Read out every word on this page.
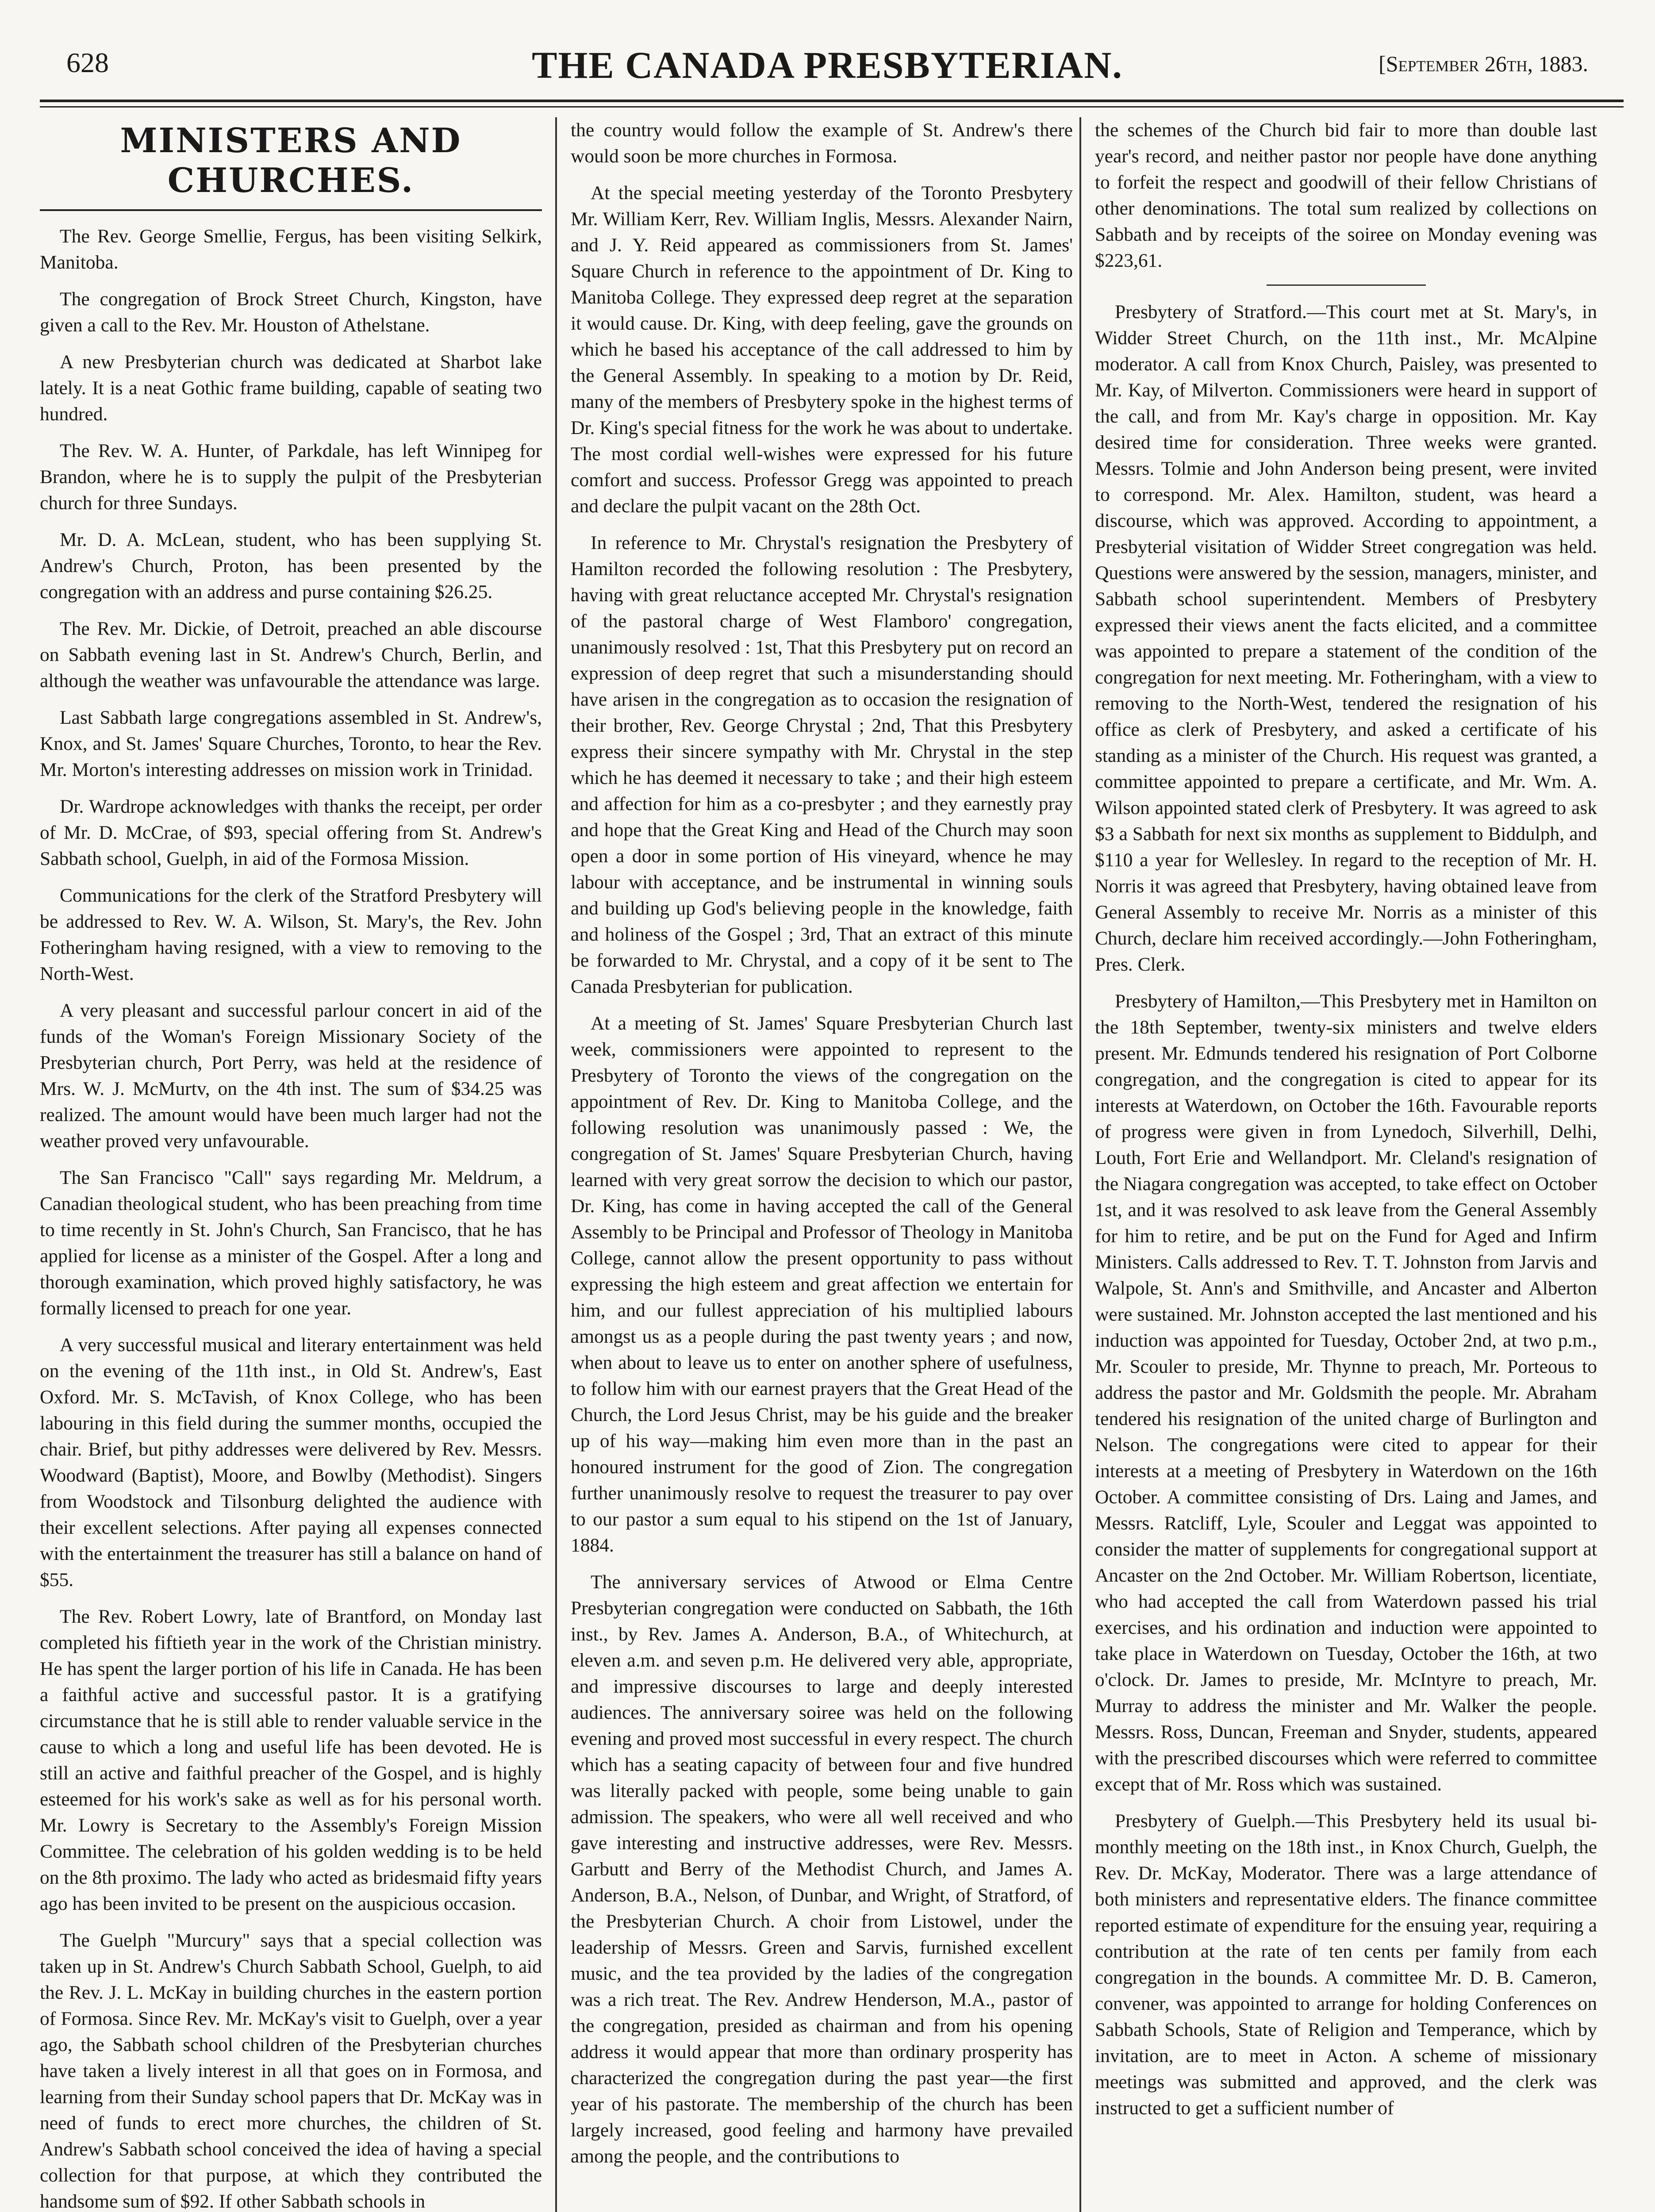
628	THE CANADA PRESBYTERIAN.	[September 26th, 1883.
MINISTERS AND CHURCHES.

The Rev. George Smellie, Fergus, has been visiting Selkirk, Manitoba.

The congregation of Brock Street Church, Kingston, have given a call to the Rev. Mr. Houston of Athelstane.

A new Presbyterian church was dedicated at Sharbot lake lately. It is a neat Gothic frame building, capable of seating two hundred.

The Rev. W. A. Hunter, of Parkdale, has left Winnipeg for Brandon, where he is to supply the pulpit of the Presbyterian church for three Sundays.

Mr. D. A. McLean, student, who has been supplying St. Andrew's Church, Proton, has been presented by the congregation with an address and purse containing $26.25.

The Rev. Mr. Dickie, of Detroit, preached an able discourse on Sabbath evening last in St. Andrew's Church, Berlin, and although the weather was unfavourable the attendance was large.

Last Sabbath large congregations assembled in St. Andrew's, Knox, and St. James' Square Churches, Toronto, to hear the Rev. Mr. Morton's interesting addresses on mission work in Trinidad.

Dr. Wardrope acknowledges with thanks the receipt, per order of Mr. D. McCrae, of $93, special offering from St. Andrew's Sabbath school, Guelph, in aid of the Formosa Mission.

Communications for the clerk of the Stratford Presbytery will be addressed to Rev. W. A. Wilson, St. Mary's, the Rev. John Fotheringham having resigned, with a view to removing to the North-West.

A very pleasant and successful parlour concert in aid of the funds of the Woman's Foreign Missionary Society of the Presbyterian church, Port Perry, was held at the residence of Mrs. W. J. McMurtv, on the 4th inst. The sum of $34.25 was realized. The amount would have been much larger had not the weather proved very unfavourable.

The San Francisco "Call" says regarding Mr. Meldrum, a Canadian theological student, who has been preaching from time to time recently in St. John's Church, San Francisco, that he has applied for license as a minister of the Gospel. After a long and thorough examination, which proved highly satisfactory, he was formally licensed to preach for one year.

A very successful musical and literary entertainment was held on the evening of the 11th inst., in Old St. Andrew's, East Oxford. Mr. S. McTavish, of Knox College, who has been labouring in this field during the summer months, occupied the chair. Brief, but pithy addresses were delivered by Rev. Messrs. Woodward (Baptist), Moore, and Bowlby (Methodist). Singers from Woodstock and Tilsonburg delighted the audience with their excellent selections. After paying all expenses connected with the entertainment the treasurer has still a balance on hand of $55.

The Rev. Robert Lowry, late of Brantford, on Monday last completed his fiftieth year in the work of the Christian ministry. He has spent the larger portion of his life in Canada. He has been a faithful active and successful pastor. It is a gratifying circumstance that he is still able to render valuable service in the cause to which a long and useful life has been devoted. He is still an active and faithful preacher of the Gospel, and is highly esteemed for his work's sake as well as for his personal worth. Mr. Lowry is Secretary to the Assembly's Foreign Mission Committee. The celebration of his golden wedding is to be held on the 8th proximo. The lady who acted as bridesmaid fifty years ago has been invited to be present on the auspicious occasion.

The Guelph "Murcury" says that a special collection was taken up in St. Andrew's Church Sabbath School, Guelph, to aid the Rev. J. L. McKay in building churches in the eastern portion of Formosa. Since Rev. Mr. McKay's visit to Guelph, over a year ago, the Sabbath school children of the Presbyterian churches have taken a lively interest in all that goes on in Formosa, and learning from their Sunday school papers that Dr. McKay was in need of funds to erect more churches, the children of St. Andrew's Sabbath school conceived the idea of having a special collection for that purpose, at which they contributed the handsome sum of $92. If other Sabbath schools in

the country would follow the example of St. Andrew's there would soon be more churches in Formosa.

At the special meeting yesterday of the Toronto Presbytery Mr. William Kerr, Rev. William Inglis, Messrs. Alexander Nairn, and J. Y. Reid appeared as commissioners from St. James' Square Church in reference to the appointment of Dr. King to Manitoba College. They expressed deep regret at the separation it would cause. Dr. King, with deep feeling, gave the grounds on which he based his acceptance of the call addressed to him by the General Assembly. In speaking to a motion by Dr. Reid, many of the members of Presbytery spoke in the highest terms of Dr. King's special fitness for the work he was about to undertake. The most cordial well-wishes were expressed for his future comfort and success. Professor Gregg was appointed to preach and declare the pulpit vacant on the 28th Oct.

In reference to Mr. Chrystal's resignation the Presbytery of Hamilton recorded the following resolution : The Presbytery, having with great reluctance accepted Mr. Chrystal's resignation of the pastoral charge of West Flamboro' congregation, unanimously resolved : 1st, That this Presbytery put on record an expression of deep regret that such a misunderstanding should have arisen in the congregation as to occasion the resignation of their brother, Rev. George Chrystal ; 2nd, That this Presbytery express their sincere sympathy with Mr. Chrystal in the step which he has deemed it necessary to take ; and their high esteem and affection for him as a co-presbyter ; and they earnestly pray and hope that the Great King and Head of the Church may soon open a door in some portion of His vineyard, whence he may labour with acceptance, and be instrumental in winning souls and building up God's believing people in the knowledge, faith and holiness of the Gospel ; 3rd, That an extract of this minute be forwarded to Mr. Chrystal, and a copy of it be sent to The Canada Presbyterian for publication.

At a meeting of St. James' Square Presbyterian Church last week, commissioners were appointed to represent to the Presbytery of Toronto the views of the congregation on the appointment of Rev. Dr. King to Manitoba College, and the following resolution was unanimously passed : We, the congregation of St. James' Square Presbyterian Church, having learned with very great sorrow the decision to which our pastor, Dr. King, has come in having accepted the call of the General Assembly to be Principal and Professor of Theology in Manitoba College, cannot allow the present opportunity to pass without expressing the high esteem and great affection we entertain for him, and our fullest appreciation of his multiplied labours amongst us as a people during the past twenty years ; and now, when about to leave us to enter on another sphere of usefulness, to follow him with our earnest prayers that the Great Head of the Church, the Lord Jesus Christ, may be his guide and the breaker up of his way—making him even more than in the past an honoured instrument for the good of Zion. The congregation further unanimously resolve to request the treasurer to pay over to our pastor a sum equal to his stipend on the 1st of January, 1884.

The anniversary services of Atwood or Elma Centre Presbyterian congregation were conducted on Sabbath, the 16th inst., by Rev. James A. Anderson, B.A., of Whitechurch, at eleven a.m. and seven p.m. He delivered very able, appropriate, and impressive discourses to large and deeply interested audiences. The anniversary soiree was held on the following evening and proved most successful in every respect. The church which has a seating capacity of between four and five hundred was literally packed with people, some being unable to gain admission. The speakers, who were all well received and who gave interesting and instructive addresses, were Rev. Messrs. Garbutt and Berry of the Methodist Church, and James A. Anderson, B.A., Nelson, of Dunbar, and Wright, of Stratford, of the Presbyterian Church. A choir from Listowel, under the leadership of Messrs. Green and Sarvis, furnished excellent music, and the tea provided by the ladies of the congregation was a rich treat. The Rev. Andrew Henderson, M.A., pastor of the congregation, presided as chairman and from his opening address it would appear that more than ordinary prosperity has characterized the congregation during the past year—the first year of his pastorate. The membership of the church has been largely increased, good feeling and harmony have prevailed among the people, and the contributions to

the schemes of the Church bid fair to more than double last year's record, and neither pastor nor people have done anything to forfeit the respect and goodwill of their fellow Christians of other denominations. The total sum realized by collections on Sabbath and by receipts of the soiree on Monday evening was $223,61.

Presbytery of Stratford.—This court met at St. Mary's, in Widder Street Church, on the 11th inst., Mr. McAlpine moderator. A call from Knox Church, Paisley, was presented to Mr. Kay, of Milverton. Commissioners were heard in support of the call, and from Mr. Kay's charge in opposition. Mr. Kay desired time for consideration. Three weeks were granted. Messrs. Tolmie and John Anderson being present, were invited to correspond. Mr. Alex. Hamilton, student, was heard a discourse, which was approved. According to appointment, a Presbyterial visitation of Widder Street congregation was held. Questions were answered by the session, managers, minister, and Sabbath school superintendent. Members of Presbytery expressed their views anent the facts elicited, and a committee was appointed to prepare a statement of the condition of the congregation for next meeting. Mr. Fotheringham, with a view to removing to the North-West, tendered the resignation of his office as clerk of Presbytery, and asked a certificate of his standing as a minister of the Church. His request was granted, a committee appointed to prepare a certificate, and Mr. Wm. A. Wilson appointed stated clerk of Presbytery. It was agreed to ask $3 a Sabbath for next six months as supplement to Biddulph, and $110 a year for Wellesley. In regard to the reception of Mr. H. Norris it was agreed that Presbytery, having obtained leave from General Assembly to receive Mr. Norris as a minister of this Church, declare him received accordingly.—John Fotheringham, Pres. Clerk.

Presbytery of Hamilton,—This Presbytery met in Hamilton on the 18th September, twenty-six ministers and twelve elders present. Mr. Edmunds tendered his resignation of Port Colborne congregation, and the congregation is cited to appear for its interests at Waterdown, on October the 16th. Favourable reports of progress were given in from Lynedoch, Silverhill, Delhi, Louth, Fort Erie and Wellandport. Mr. Cleland's resignation of the Niagara congregation was accepted, to take effect on October 1st, and it was resolved to ask leave from the General Assembly for him to retire, and be put on the Fund for Aged and Infirm Ministers. Calls addressed to Rev. T. T. Johnston from Jarvis and Walpole, St. Ann's and Smithville, and Ancaster and Alberton were sustained. Mr. Johnston accepted the last mentioned and his induction was appointed for Tuesday, October 2nd, at two p.m., Mr. Scouler to preside, Mr. Thynne to preach, Mr. Porteous to address the pastor and Mr. Goldsmith the people. Mr. Abraham tendered his resignation of the united charge of Burlington and Nelson. The congregations were cited to appear for their interests at a meeting of Presbytery in Waterdown on the 16th October. A committee consisting of Drs. Laing and James, and Messrs. Ratcliff, Lyle, Scouler and Leggat was appointed to consider the matter of supplements for congregational support at Ancaster on the 2nd October. Mr. William Robertson, licentiate, who had accepted the call from Waterdown passed his trial exercises, and his ordination and induction were appointed to take place in Waterdown on Tuesday, October the 16th, at two o'clock. Dr. James to preside, Mr. McIntyre to preach, Mr. Murray to address the minister and Mr. Walker the people. Messrs. Ross, Duncan, Freeman and Snyder, students, appeared with the prescribed discourses which were referred to committee except that of Mr. Ross which was sustained.

Presbytery of Guelph.—This Presbytery held its usual bi-monthly meeting on the 18th inst., in Knox Church, Guelph, the Rev. Dr. McKay, Moderator. There was a large attendance of both ministers and representative elders. The finance committee reported estimate of expenditure for the ensuing year, requiring a contribution at the rate of ten cents per family from each congregation in the bounds. A committee Mr. D. B. Cameron, convener, was appointed to arrange for holding Conferences on Sabbath Schools, State of Religion and Temperance, which by invitation, are to meet in Acton. A scheme of missionary meetings was submitted and approved, and the clerk was instructed to get a sufficient number of
